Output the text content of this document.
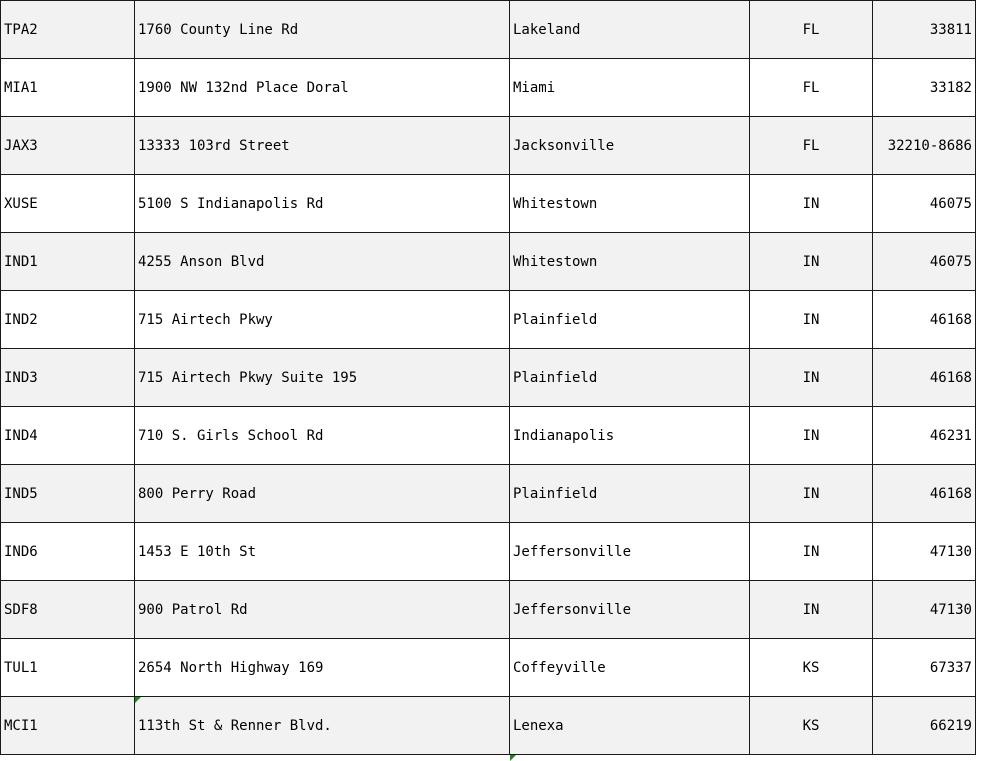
TPA2	1760 County Line Rd	Lakeland	FL	33811
MIA1	1900 NW 132nd Place Doral	Miami	FL	33182
JAX3	13333 103rd Street	Jacksonville	FL	32210-8686
XUSE	5100 S Indianapolis Rd	Whitestown	IN	46075
IND1	4255 Anson Blvd	Whitestown	IN	46075
IND2	715 Airtech Pkwy	Plainfield	IN	46168
IND3	715 Airtech Pkwy Suite 195	Plainfield	IN	46168
IND4	710 S. Girls School Rd	Indianapolis	IN	46231
IND5	800 Perry Road	Plainfield	IN	46168
IND6	1453 E 10th St	Jeffersonville	IN	47130
SDF8	900 Patrol Rd	Jeffersonville	IN	47130
TUL1	2654 North Highway 169	Coffeyville	KS	67337
MCI1	113th St & Renner Blvd.	Lenexa	KS	66219
